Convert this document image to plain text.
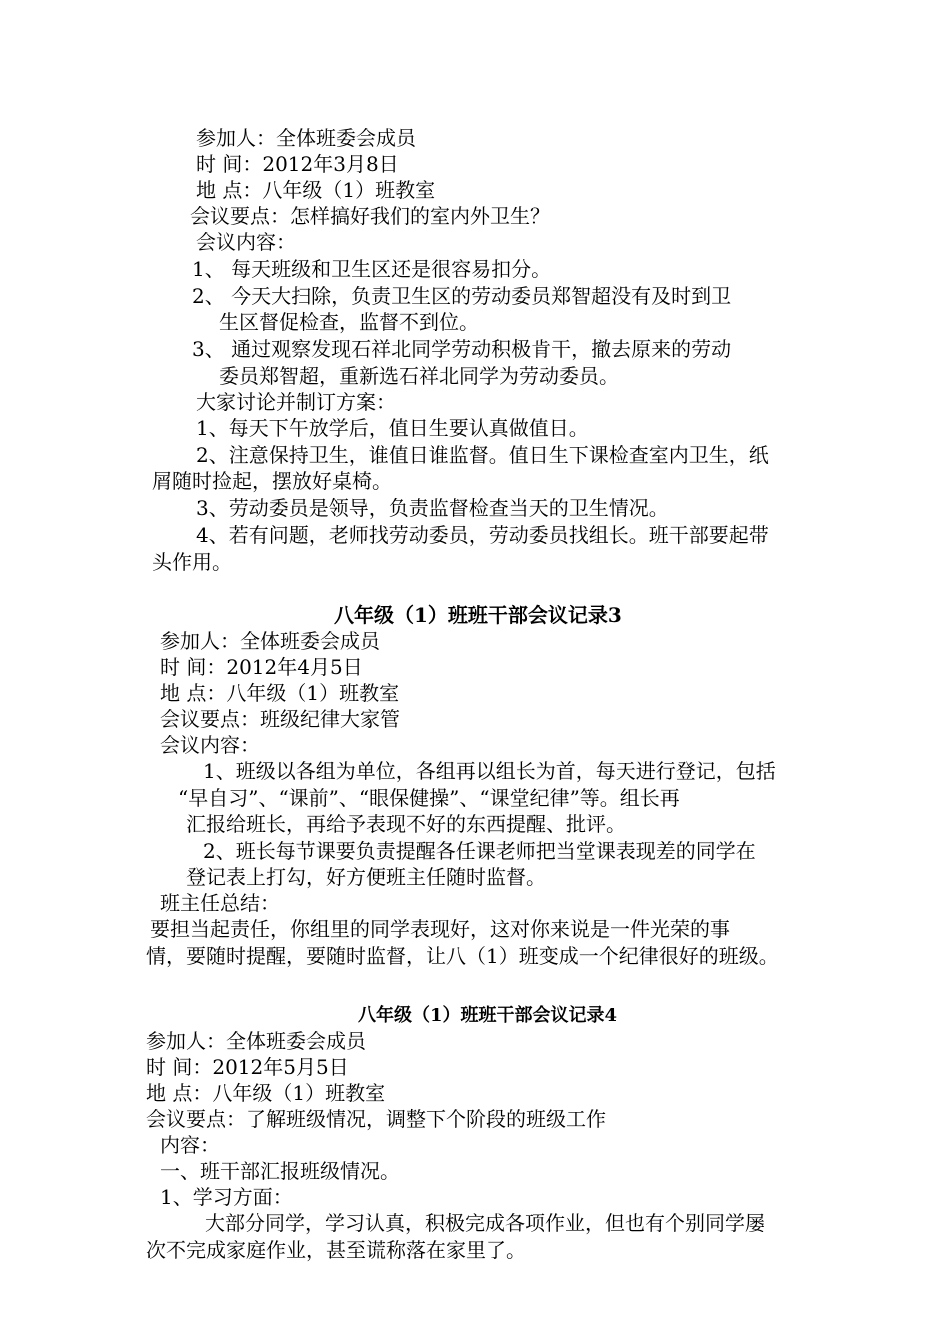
参加人：全体班委会成员

时 间：2012年3月8日

地 点：八年级（1）班教室

会议要点：怎样搞好我们的室内外卫生？

会议内容：

1、 每天班级和卫生区还是很容易扣分。

2、 今天大扫除，负责卫生区的劳动委员郑智超没有及时到卫

生区督促检查，监督不到位。

3、 通过观察发现石祥北同学劳动积极肯干，撤去原来的劳动

委员郑智超，重新选石祥北同学为劳动委员。

大家讨论并制订方案：

1、每天下午放学后，值日生要认真做值日。

2、注意保持卫生，谁值日谁监督。值日生下课检查室内卫生，纸

屑随时捡起，摆放好桌椅。

3、劳动委员是领导，负责监督检查当天的卫生情况。

4、若有问题，老师找劳动委员，劳动委员找组长。班干部要起带

头作用。

八年级（1）班班干部会议记录3

参加人：全体班委会成员

时 间：2012年4月5日

地 点：八年级（1）班教室

会议要点：班级纪律大家管

会议内容：

1、班级以各组为单位，各组再以组长为首，每天进行登记，包括

“早自习”、“课前”、“眼保健操”、“课堂纪律”等。组长再

汇报给班长，再给予表现不好的东西提醒、批评。

2、班长每节课要负责提醒各任课老师把当堂课表现差的同学在

登记表上打勾，好方便班主任随时监督。

班主任总结：

要担当起责任，你组里的同学表现好，这对你来说是一件光荣的事

情，要随时提醒，要随时监督，让八（1）班变成一个纪律很好的班级。

八年级（1）班班干部会议记录4

参加人：全体班委会成员

时 间：2012年5月5日

地 点：八年级（1）班教室

会议要点：了解班级情况，调整下个阶段的班级工作

内容：

一、班干部汇报班级情况。

1、学习方面：

大部分同学，学习认真，积极完成各项作业，但也有个别同学屡

次不完成家庭作业，甚至谎称落在家里了。
